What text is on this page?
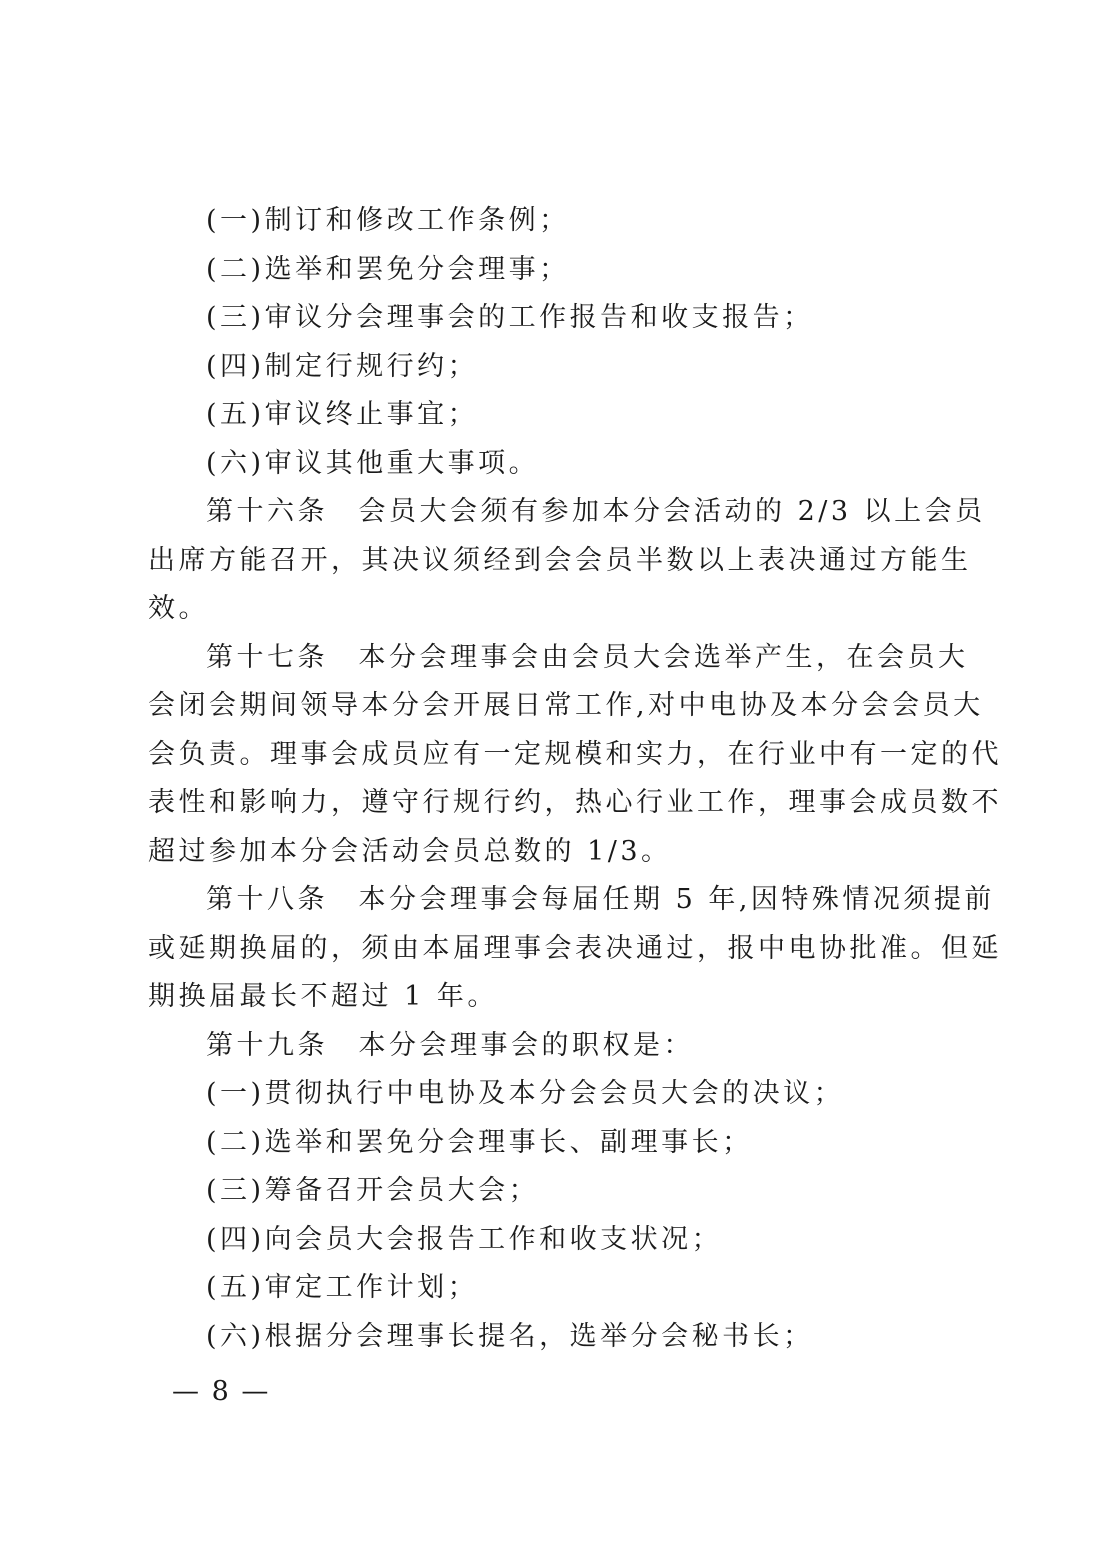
(一)制订和修改工作条例；
(二)选举和罢免分会理事；
(三)审议分会理事会的工作报告和收支报告；
(四)制定行规行约；
(五)审议终止事宜；
(六)审议其他重大事项。
第十六条　会员大会须有参加本分会活动的 2/3 以上会员
出席方能召开，其决议须经到会会员半数以上表决通过方能生
效。
第十七条　本分会理事会由会员大会选举产生，在会员大
会闭会期间领导本分会开展日常工作,对中电协及本分会会员大
会负责。理事会成员应有一定规模和实力，在行业中有一定的代
表性和影响力，遵守行规行约，热心行业工作，理事会成员数不
超过参加本分会活动会员总数的 1/3。
第十八条　本分会理事会每届任期 5 年,因特殊情况须提前
或延期换届的，须由本届理事会表决通过，报中电协批准。但延
期换届最长不超过 1 年。
第十九条　本分会理事会的职权是：
(一)贯彻执行中电协及本分会会员大会的决议；
(二)选举和罢免分会理事长、副理事长；
(三)筹备召开会员大会；
(四)向会员大会报告工作和收支状况；
(五)审定工作计划；
(六)根据分会理事长提名，选举分会秘书长；
— 8 —
